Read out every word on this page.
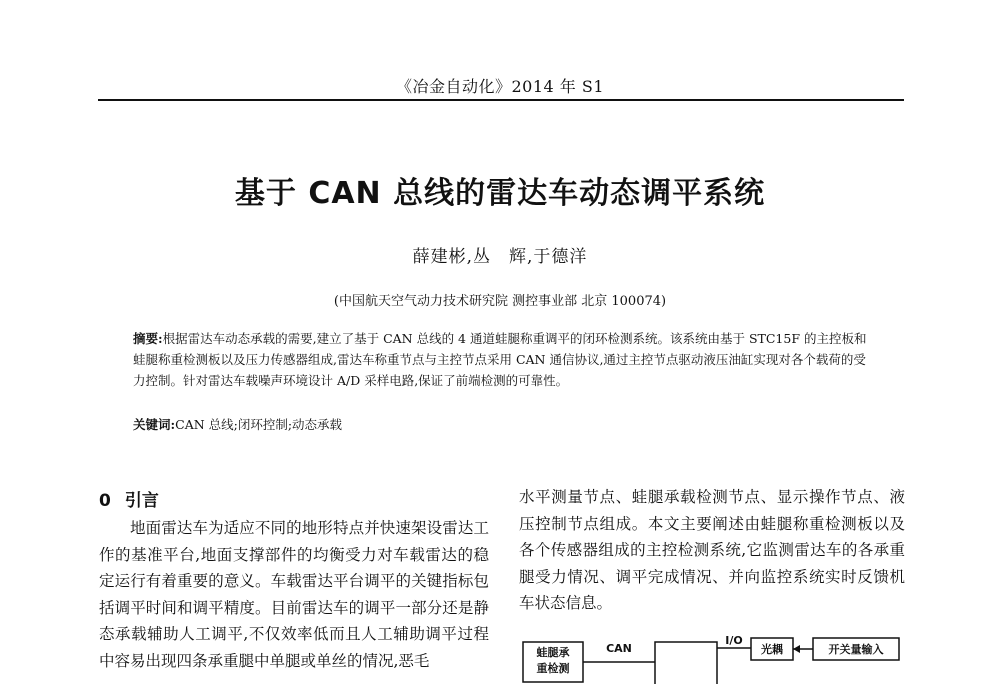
《冶金自动化》2014 年 S1
基于 CAN 总线的雷达车动态调平系统
薛建彬,丛　辉,于德洋
(中国航天空气动力技术研究院 测控事业部 北京 100074)
摘要:根据雷达车动态承载的需要,建立了基于 CAN 总线的 4 通道蛙腿称重调平的闭环检测系统。该系统由基于 STC15F 的主控板和蛙腿称重检测板以及压力传感器组成,雷达车称重节点与主控节点采用 CAN 通信协议,通过主控节点驱动液压油缸实现对各个载荷的受力控制。针对雷达车载噪声环境设计 A/D 采样电路,保证了前端检测的可靠性。
关键词:CAN 总线;闭环控制;动态承载
0 引言
地面雷达车为适应不同的地形特点并快速架设雷达工作的基准平台,地面支撑部件的均衡受力对车载雷达的稳定运行有着重要的意义。车载雷达平台调平的关键指标包括调平时间和调平精度。目前雷达车的调平一部分还是静态承载辅助人工调平,不仅效率低而且人工辅助调平过程中容易出现四条承重腿中单腿或单丝的情况,恶毛
水平测量节点、蛙腿承载检测节点、显示操作节点、液压控制节点组成。本文主要阐述由蛙腿称重检测板以及各个传感器组成的主控检测系统,它监测雷达车的各承重腿受力情况、调平完成情况、并向监控系统实时反馈机车状态信息。
蛙腿承
重检测
CAN
I/O
光耦	开关量输入
